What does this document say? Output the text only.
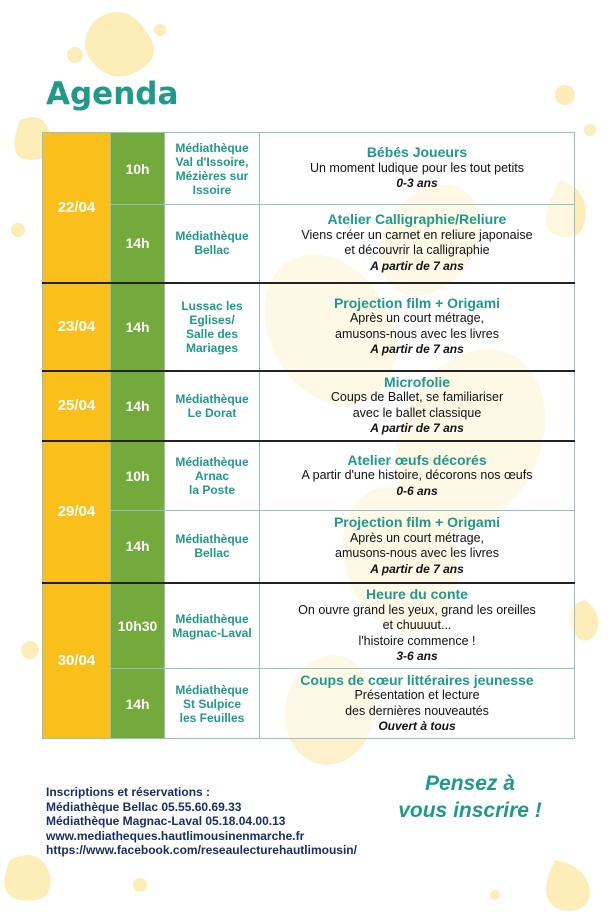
Agenda
22/04	10h	Médiathèque
Val d'Issoire,
Mézières sur
Issoire	Bébés Joueurs
Un moment ludique pour les tout petits
0-3 ans

	14h	Médiathèque
Bellac	Atelier Calligraphie/Reliure
Viens créer un carnet en reliure japonaise
et découvrir la calligraphie
A partir de 7 ans

23/04	14h	Lussac les
Eglises/
Salle des
Mariages	Projection film + Origami
Après un court métrage,
amusons-nous avec les livres
A partir de 7 ans

25/04	14h	Médiathèque
Le Dorat	Microfolie
Coups de Ballet, se familiariser
avec le ballet classique
A partir de 7 ans

29/04	10h	Médiathèque
Arnac
la Poste	Atelier œufs décorés
A partir d'une histoire, décorons nos œufs
0-6 ans

	14h	Médiathèque
Bellac	Projection film + Origami
Après un court métrage,
amusons-nous avec les livres
A partir de 7 ans

30/04	10h30	Médiathèque
Magnac-Laval	Heure du conte
On ouvre grand les yeux, grand les oreilles
et chuuuut...
l'histoire commence !
3-6 ans

	14h	Médiathèque
St Sulpice
les Feuilles	Coups de cœur littéraires jeunesse
Présentation et lecture
des dernières nouveautés
Ouvert à tous
Inscriptions et réservations :
Médiathèque Bellac 05.55.60.69.33
Médiathèque Magnac-Laval 05.18.04.00.13
www.mediatheques.hautlimousinenmarche.fr
https://www.facebook.com/reseaulecturehautlimousin/
Pensez à
vous inscrire !
